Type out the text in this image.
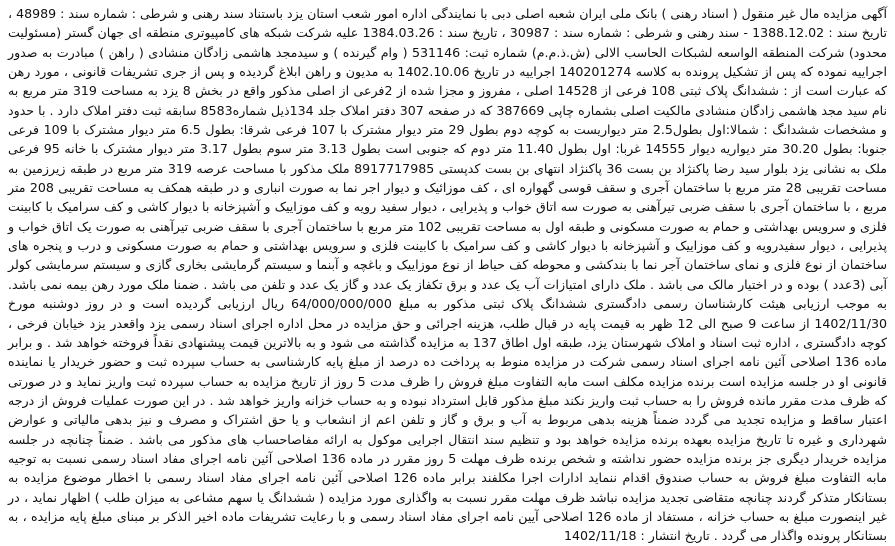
آگهی مزایده مال غیر منقول ( اسناد رهنی ) بانک ملی ایران شعبه اصلی دبی با نمایندگی اداره امور شعب استان یزد باستناد سند رهنی و شرطی : شماره سند : 48989 ، تاریخ سند : 1388.12.02 - سند رهنی و شرطی : شماره سند : 30987 ، تاریخ سند : 1384.03.26 علیه شرکت شبکه های کامپیوتری منطقه ای جهان گستر (مسئولیت محدود) شرکت المنطقه الواسعه لشبکات الحاسب الالی (ش.ذ.م.م) شماره ثبت: 531146 ( وام گیرنده ) و سیدمجد هاشمی زادگان منشادی ( راهن ) مبادرت به صدور اجراییه نموده که پس از تشکیل پرونده به کلاسه 140201274 اجراییه در تاریخ 1402.10.06 به مدیون و راهن ابلاغ گردیده و پس از جری تشریفات قانونی ، مورد رهن که عبارت است از : ششدانگ پلاک ثبتی 108 فرعی از 14528 اصلی ، مفروز و مجزا شده از 2فرعی از اصلی مذکور واقع در بخش 8 یزد به مساحت 319 متر مربع به نام سید مجد هاشمی زادگان منشادی مالکیت اصلی بشماره چاپی 387669 که در صفحه 307 دفتر املاک جلد 134ذیل شماره8583 سابقه ثبت دفتر املاک دارد . با حدود و مشخصات ششدانگ : شمالا:اول بطول2.5 متر دیواریست به کوچه دوم بطول 29 متر دیوار مشترک با 107 فرعی شرقا: بطول 6.5 متر دیوار مشترک با 109 فرعی جنوبا: بطول 30.20 متر دیواریه دیوار 14555 غربا: اول بطول 11.40 متر دوم که جنوبی است بطول 3.13 متر سوم بطول 3.17 متر دیوار مشترک با خانه 95 فرعی ملک به نشانی یزد بلوار سید رضا پاکنژاد بن بست 36 پاکنژاد انتهای بن بست کدپستی 8917717985 ملک مذکور با مساحت عرصه 319 متر مربع در طبقه زیرزمین به مساحت تقریبی 28 متر مربع با ساختمان آجری و سقف قوسی گهواره ای ، کف موزائیک و دیوار اجر نما به صورت انباری و در طبقه همکف به مساحت تقریبی 208 متر مربع ، با ساختمان آجری با سقف ضربی تیرآهنی به صورت سه اتاق خواب و پذیرایی ، دیوار سفید رویه و کف موزاییک و آشپزخانه با دیوار کاشی و کف سرامیک با کابینت فلزی و سرویس بهداشتی و حمام به صورت مسکونی و طبقه اول به مساحت تقریبی 102 متر مربع با ساختمان آجری با سقف ضربی تیرآهنی به صورت یک اتاق خواب و پذیرایی ، دیوار سفیدرویه و کف موزاییک و آشپزخانه با دیوار کاشی و کف سرامیک با کابینت فلزی و سرویس بهداشتی و حمام به صورت مسکونی و درب و پنجره های ساختمان از نوع فلزی و نمای ساختمان آجر نما با بندکشی و محوطه کف حیاط از نوع موزاییک و باغچه و آبنما و سیستم گرمایشی بخاری گازی و سیستم سرمایشی کولر آبی (3عدد ) بوده و در اختیار مالک می باشد . ملک دارای امتیازات آب یک عدد و برق تکفاز یک عدد و گاز یک عدد و تلفن می باشد . ضمنا ملک مورد رهن بیمه نمی باشد. به موجب ارزیابی هیئت کارشناسان رسمی دادگستری ششدانگ پلاک ثبتی مذکور به مبلغ 64/000/000/000 ریال ارزیابی گردیده است و در روز دوشنبه مورخ 1402/11/30 از ساعت 9 صبح الی 12 ظهر به قیمت پایه در قبال طلب، هزینه اجرائی و حق مزایده در محل اداره اجرای اسناد رسمی یزد واقعدر یزد خیابان فرخی ، کوچه دادگستری ، اداره ثبت اسناد و املاک شهرستان یزد، طبقه اول اطاق 137 به مزایده گذاشته می شود و به بالاترین قیمت پیشنهادی نقداً فروخته خواهد شد . و برابر ماده 136 اصلاحی آئین نامه اجرای اسناد رسمی شرکت در مزایده منوط به پرداخت ده درصد از مبلغ پایه کارشناسی به حساب سپرده ثبت و حضور خریدار یا نماینده قانونی او در جلسه مزایده است برنده مزایده مکلف است مابه التفاوت مبلغ فروش را ظرف مدت 5 روز از تاریخ مزایده به حساب سپرده ثبت واریز نماید و در صورتی که ظرف مدت مقرر مانده فروش را به حساب ثبت واریز نکند مبلغ مذکور قابل استرداد نبوده و به حساب خزانه واریز خواهد شد . در این صورت عملیات فروش از درجه اعتبار ساقط و مزایده تجدید می گردد ضمناً هزینه بدهی مربوط به آب و برق و گاز و تلفن اعم از انشعاب و یا حق اشتراک و مصرف و نیز بدهی مالیاتی و عوارض شهرداری و غیره تا تاریخ مزایده بعهده برنده مزایده خواهد بود و تنظیم سند انتقال اجرایی موکول به ارائه مفاصاحساب های مذکور می باشد . ضمناً چنانچه در جلسه مزایده خریدار دیگری جز برنده مزایده حضور نداشته و شخص برنده ظرف مهلت 5 روز مقرر در ماده 136 اصلاحی آئین نامه اجرای مفاد اسناد رسمی نسبت به توجیه مابه التفاوت مبلغ فروش به حساب صندوق اقدام ننماید ادارات اجرا مکلفند برابر ماده 126 اصلاحی آئین نامه اجرای مفاد اسناد رسمی با اخطار موضوع مزایده به بستانکار متذکر گردند چنانچه متقاضی تجدید مزایده نباشد ظرف مهلت مقرر نسبت به واگذاری مورد مزایده ( ششدانگ یا سهم مشاعی به میزان طلب ) اظهار نماید ، در غیر اینصورت مبلغ به حساب خزانه ، مستفاد از ماده 126 اصلاحی آیین نامه اجرای مفاد اسناد رسمی و با رعایت تشریفات ماده اخیر الذکر بر مبنای مبلغ پایه مزایده ، به بستانکار پرونده واگذار می گردد . تاریخ انتشار : 1402/11/18
